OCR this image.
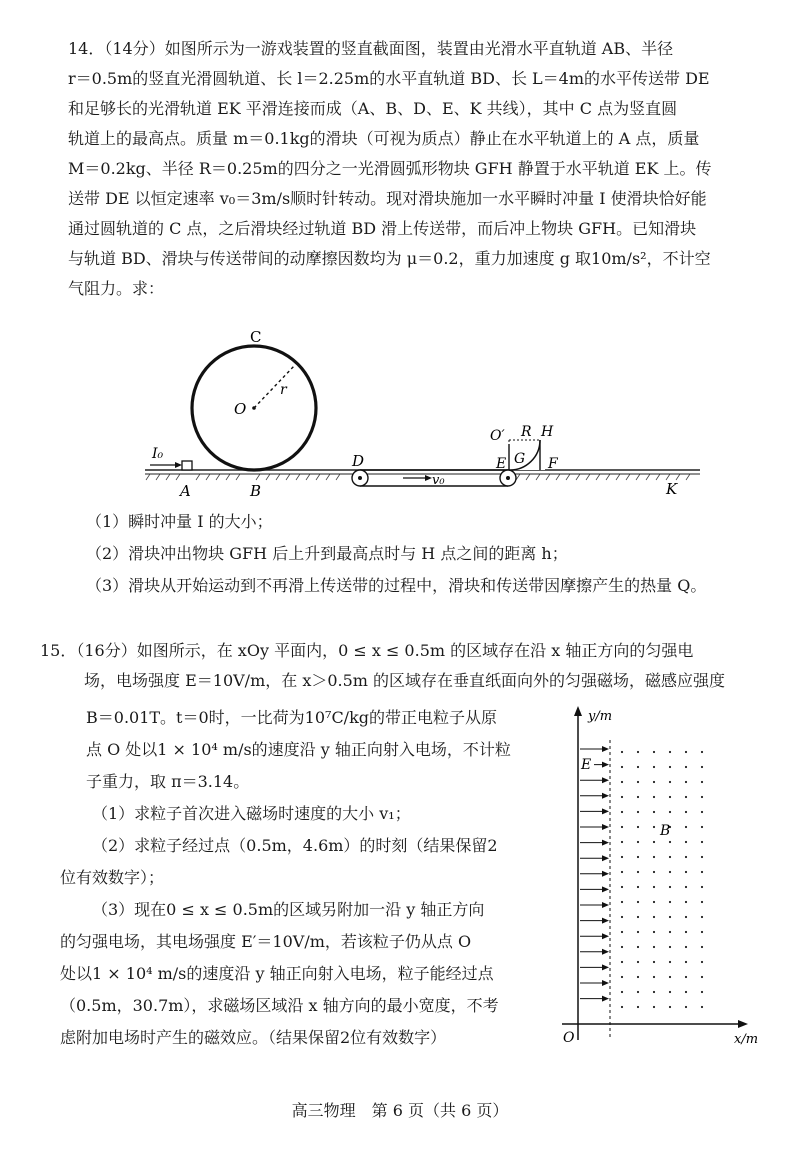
14．（14分）如图所示为一游戏装置的竖直截面图，装置由光滑水平直轨道 AB、半径
r＝0.5m的竖直光滑圆轨道、长 l＝2.25m的水平直轨道 BD、长 L＝4m的水平传送带 DE
和足够长的光滑轨道 EK 平滑连接而成（A、B、D、E、K 共线），其中 C 点为竖直圆
轨道上的最高点。质量 m＝0.1kg的滑块（可视为质点）静止在水平轨道上的 A 点，质量
M＝0.2kg、半径 R＝0.25m的四分之一光滑圆弧形物块 GFH 静置于水平轨道 EK 上。传
送带 DE 以恒定速率 v₀＝3m/s顺时针转动。现对滑块施加一水平瞬时冲量 I 使滑块恰好能
通过圆轨道的 C 点，之后滑块经过轨道 BD 滑上传送带，而后冲上物块 GFH。已知滑块
与轨道 BD、滑块与传送带间的动摩擦因数均为 μ＝0.2，重力加速度 g 取10m/s²，不计空
气阻力。求：
C
O
r
I₀
A	B
v₀
D
O′ R H
E G F
K
（1）瞬时冲量 I 的大小；
（2）滑块冲出物块 GFH 后上升到最高点时与 H 点之间的距离 h；
（3）滑块从开始运动到不再滑上传送带的过程中，滑块和传送带因摩擦产生的热量 Q。
15．（16分）如图所示，在 xOy 平面内，0 ≤ x ≤ 0.5m 的区域存在沿 x 轴正方向的匀强电
场，电场强度 E＝10V/m，在 x＞0.5m 的区域存在垂直纸面向外的匀强磁场，磁感应强度
B＝0.01T。t＝0时，一比荷为10⁷C/kg的带正电粒子从原
点 O 处以1 × 10⁴ m/s的速度沿 y 轴正向射入电场，不计粒
子重力，取 π＝3.14。
（1）求粒子首次进入磁场时速度的大小 v₁；
（2）求粒子经过点（0.5m，4.6m）的时刻（结果保留2
位有效数字）；
（3）现在0 ≤ x ≤ 0.5m的区域另附加一沿 y 轴正方向
的匀强电场，其电场强度 E′＝10V/m，若该粒子仍从点 O
处以1 × 10⁴ m/s的速度沿 y 轴正向射入电场，粒子能经过点
（0.5m，30.7m），求磁场区域沿 x 轴方向的最小宽度，不考
虑附加电场时产生的磁效应。（结果保留2位有效数字）
y/m
x/m
O
E
B
高三物理　第 6 页（共 6 页）
